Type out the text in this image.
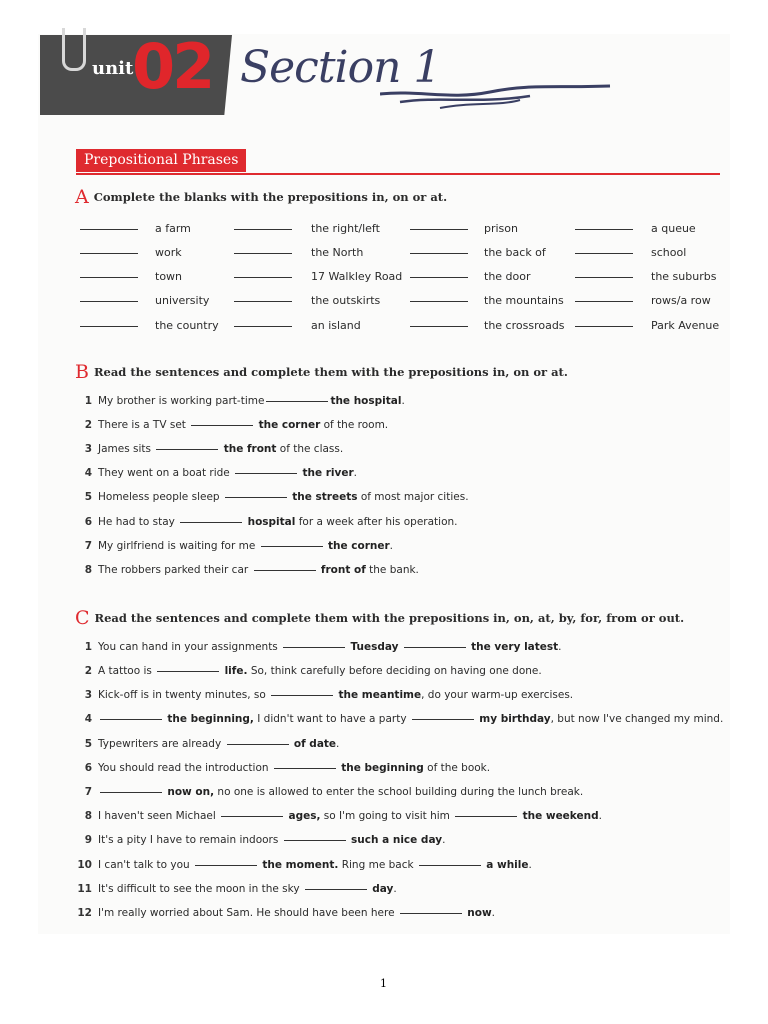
unit
02 Section 1
Prepositional Phrases
A Complete the blanks with the prepositions in, on or at.
a farm	the right/left	prison	a queue
work	the North	the back of	school
town	17 Walkley Road	the door	the suburbs
university	the outskirts	the mountains	rows/a row
the country	an island	the crossroads	Park Avenue
B Read the sentences and complete them with the prepositions in, on or at.
1 My brother is working part-time	the hospital.
2 There is a TV set	the corner of the room.
3 James sits	the front of the class.
4 They went on a boat ride	the river.
5 Homeless people sleep	the streets of most major cities.
6 He had to stay	hospital for a week after his operation.
7 My girlfriend is waiting for me	the corner.
8 The robbers parked their car	front of the bank.
C Read the sentences and complete them with the prepositions in, on, at, by, for, from or out.
1 You can hand in your assignments	Tuesday	the very latest.
2 A tattoo is	life. So, think carefully before deciding on having one done.
3 Kick-off is in twenty minutes, so	the meantime, do your warm-up exercises.
4	the beginning, I didn't want to have a party	my birthday, but now I've changed my mind.
5 Typewriters are already	of date.
6 You should read the introduction	the beginning of the book.
7	now on, no one is allowed to enter the school building during the lunch break.
8 I haven't seen Michael	ages, so I'm going to visit him	the weekend.
9 It's a pity I have to remain indoors	such a nice day.
10 I can't talk to you	the moment. Ring me back	a while.
11 It's difficult to see the moon in the sky	day.
12 I'm really worried about Sam. He should have been here	now.
1
